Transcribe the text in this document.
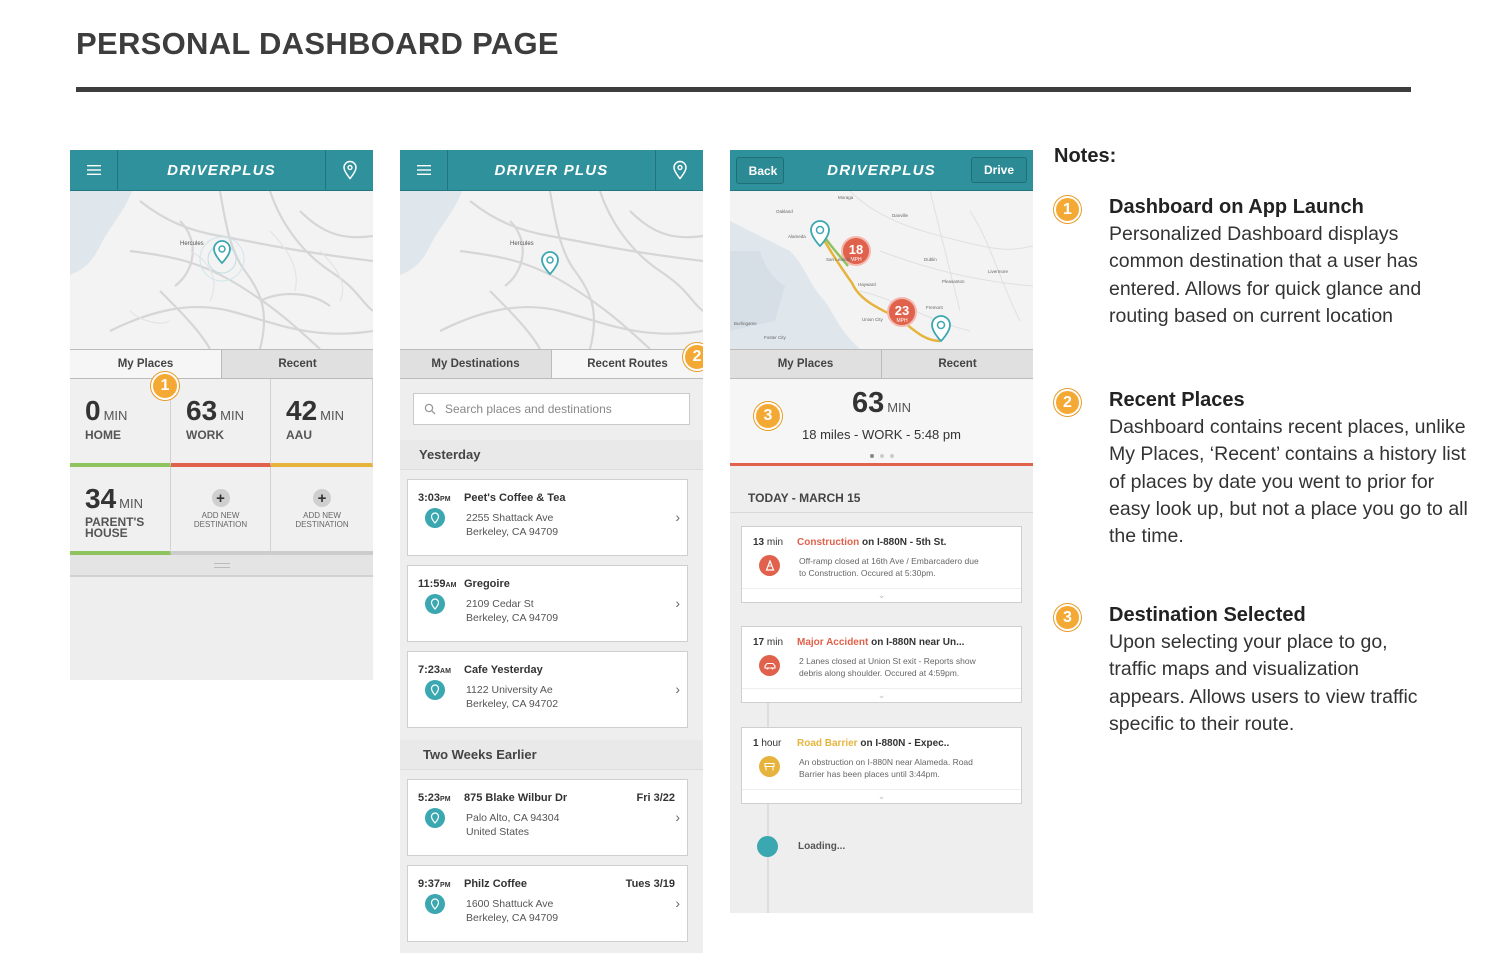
PERSONAL DASHBOARD PAGE
DRIVERPLUS
Hercules
My Places	Recent
0 MIN
HOME
63 MIN
WORK
42 MIN
AAU
34 MIN
PARENT'S
HOUSE
+
ADD NEW
DESTINATION
+
ADD NEW
DESTINATION
1
DRIVER PLUS
Hercules
My Destinations	Recent Routes
Search places and destinations
Yesterday
3:03PM Peet's Coffee & Tea
2255 Shattack Ave
Berkeley, CA 94709
›
11:59AM Gregoire
2109 Cedar St
Berkeley, CA 94709
›
7:23AM Cafe Yesterday
1122 University Ae
Berkeley, CA 94702
›
Two Weeks Earlier
5:23PM 875 Blake Wilbur Dr	Fri 3/22
Palo Alto, CA 94304
United States
›
9:37PM Philz Coffee	Tues 3/19
1600 Shattuck Ave
Berkeley, CA 94709
›
2
Back	DRIVERPLUS	Drive
18
MPH
23
MPH
Oakland
Alameda
Hayward
Union City
Fremont
Danville
Pleasanton
Livermore
Dublin
San Leandro
Burlingame
Foster City
Moraga
My Places	Recent
63 MIN
18 miles - WORK - 5:48 pm
TODAY - MARCH 15
13 min Construction on I-880N - 5th St.
Off-ramp closed at 16th Ave / Embarcadero due
to Construction. Occured at 5:30pm.
⌄
17 min Major Accident on I-880N near Un...
2 Lanes closed at Union St exit - Reports show
debris along shoulder. Occured at 4:59pm.
⌄
1 hour Road Barrier on I-880N - Expec..
An obstruction on I-880N near Alameda. Road
Barrier has been places until 3:44pm.
⌄
Loading...
3
Notes:
1	Dashboard on App Launch
Personalized Dashboard displays common destination that a user has entered. Allows for quick glance and routing based on current location
2	Recent Places
Dashboard contains recent places, unlike My Places, ‘Recent’ contains a history list of places by date you went to prior for easy look up, but not a place you go to all the time.
3	Destination Selected
Upon selecting your place to go, traffic maps and visualization appears. Allows users to view traffic specific to their route.
